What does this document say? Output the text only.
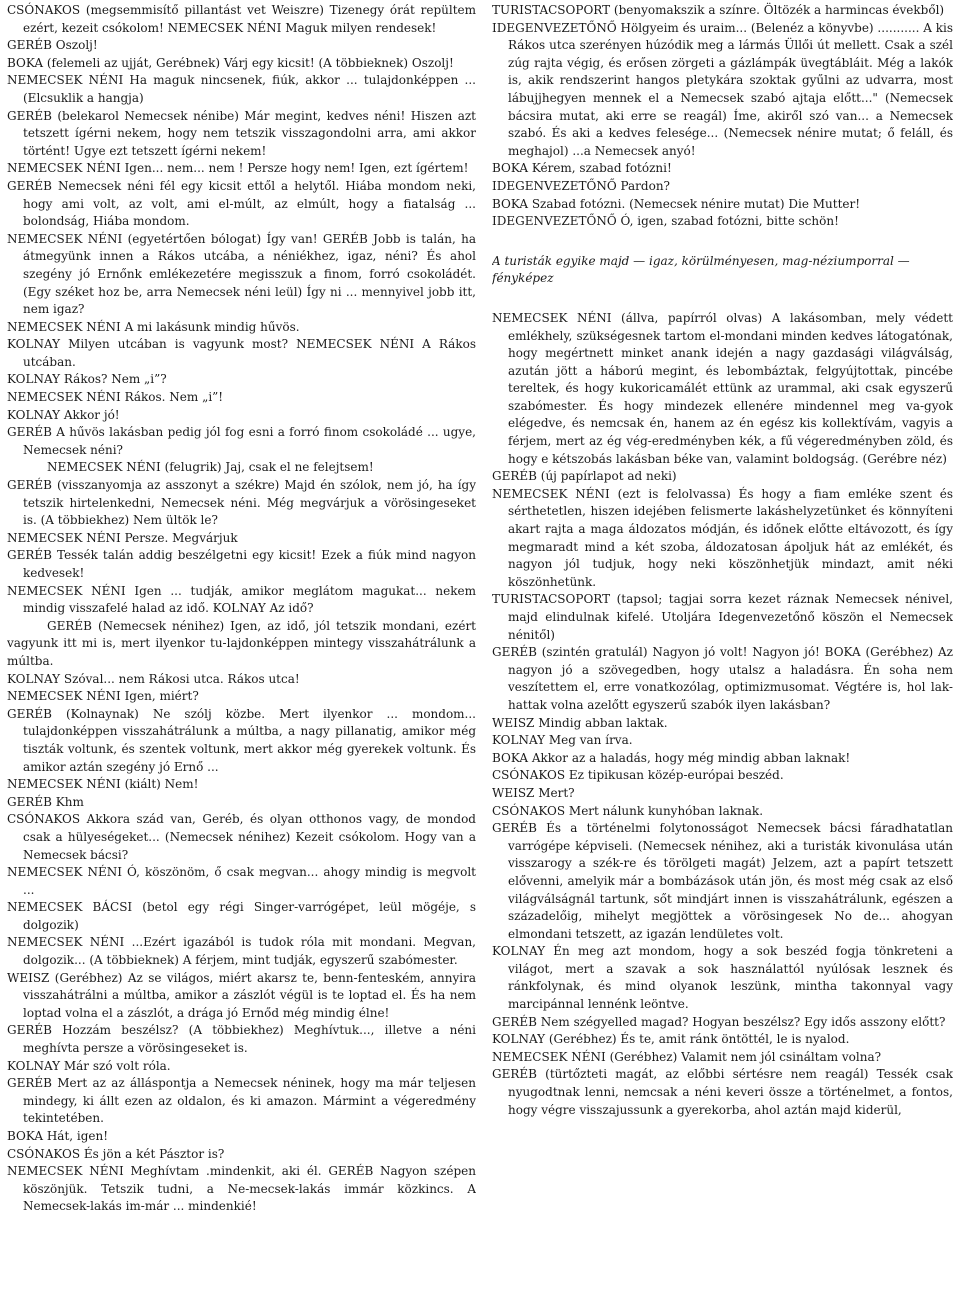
CSÓNAKOS (megsemmisítő pillantást vet Weiszre) Tizenegy órát repültem ezért, kezeit csókolom! NEMECSEK NÉNI Maguk milyen rendesek!

GERÉB Oszolj!

BOKA (felemeli az ujját, Gerébnek) Várj egy kicsit! (A többieknek) Oszolj!

NEMECSEK NÉNI Ha maguk nincsenek, fiúk, akkor ... tulajdonképpen ... (Elcsuklik a hangja)

GERÉB (belekarol Nemecsek nénibe) Már megint, kedves néni! Hiszen azt tetszett ígérni nekem, hogy nem tetszik visszagondolni arra, ami akkor történt! Ugye ezt tetszett ígérni nekem!

NEMECSEK NÉNI Igen... nem... nem ! Persze hogy nem! Igen, ezt ígértem!

GERÉB Nemecsek néni fél egy kicsit ettől a helytől. Hiába mondom neki, hogy ami volt, az volt, ami el-múlt, az elmúlt, hogy a fiatalság ... bolondság, Hiába mondom.

NEMECSEK NÉNI (egyetértően bólogat) Így van! GERÉB Jobb is talán, ha átmegyünk innen a Rákos utcába, a néniékhez, igaz, néni? És ahol szegény jó Ernőnk emlékezetére megisszuk a finom, forró csokoládét. (Egy széket hoz be, arra Nemecsek néni leül) Így ni ... mennyivel jobb itt, nem igaz?

NEMECSEK NÉNI A mi lakásunk mindig hűvös.

KOLNAY Milyen utcában is vagyunk most? NEMECSEK NÉNI A Rákos utcában.

KOLNAY Rákos? Nem „i”?

NEMECSEK NÉNI Rákos. Nem „i”!

KOLNAY Akkor jó!

GERÉB A hűvös lakásban pedig jól fog esni a forró finom csokoládé ... ugye, Nemecsek néni?

NEMECSEK NÉNI (felugrik) Jaj, csak el ne felejtsem!

GERÉB (visszanyomja az asszonyt a székre) Majd én szólok, nem jó, ha így tetszik hirtelenkedni, Nemecsek néni. Még megvárjuk a vörösingeseket is. (A többiekhez) Nem ültök le?

NEMECSEK NÉNI Persze. Megvárjuk

GERÉB Tessék talán addig beszélgetni egy kicsit! Ezek a fiúk mind nagyon kedvesek!

NEMECSEK NÉNI Igen ... tudják, amikor meglátom magukat... nekem mindig visszafelé halad az idő. KOLNAY Az idő?

GERÉB (Nemecsek nénihez) Igen, az idő, jól tetszik mondani, ezért vagyunk itt mi is, mert ilyenkor tu-lajdonképpen mintegy visszahátrálunk a múltba.

KOLNAY Szóval... nem Rákosi utca. Rákos utca!

NEMECSEK NÉNI Igen, miért?

GERÉB (Kolnaynak) Ne szólj közbe. Mert ilyenkor ... mondom... tulajdonképpen visszahátrálunk a múltba, a nagy pillanatig, amikor még tiszták voltunk, és szentek voltunk, mert akkor még gyerekek voltunk. És amikor aztán szegény jó Ernő ...

NEMECSEK NÉNI (kiált) Nem!

GERÉB Khm

CSÓNAKOS Akkora szád van, Geréb, és olyan otthonos vagy, de mondod csak a hülyeségeket... (Nemecsek nénihez) Kezeit csókolom. Hogy van a Nemecsek bácsi?

NEMECSEK NÉNI Ó, köszönöm, ő csak megvan... ahogy mindig is megvolt ...

NEMECSEK BÁCSI (betol egy régi Singer-varrógépet, leül mögéje, s dolgozik)

NEMECSEK NÉNI ...Ezért igazából is tudok róla mit mondani. Megvan, dolgozik... (A többieknek) A férjem, mint tudják, egyszerű szabómester.

WEISZ (Gerébhez) Az se világos, miért akarsz te, benn-fenteském, annyira visszahátrálni a múltba, amikor a zászlót végül is te loptad el. És ha nem loptad volna el a zászlót, a drága jó Ernőd még mindig élne!

GERÉB Hozzám beszélsz? (A többiekhez) Meghívtuk..., illetve a néni meghívta persze a vörösingeseket is.

KOLNAY Már szó volt róla.

GERÉB Mert az az álláspontja a Nemecsek néninek, hogy ma már teljesen mindegy, ki állt ezen az oldalon, és ki amazon. Mármint a végeredmény tekintetében.

BOKA Hát, igen!

CSÓNAKOS És jön a két Pásztor is?

NEMECSEK NÉNI Meghívtam .mindenkit, aki él. GERÉB Nagyon szépen köszönjük. Tetszik tudni, a Ne-mecsek-lakás immár közkincs. A Nemecsek-lakás im-már ... mindenkié!

TURISTACSOPORT (benyomakszik a színre. Öltözék a harmincas évekből)

IDEGENVEZETŐNŐ Hölgyeim és uraim... (Belenéz a könyvbe) ........... A kis Rákos utca szerényen húzódik meg a lármás Üllői út mellett. Csak a szél zúg rajta végig, és erősen zörgeti a gázlámpák üvegtábláit. Még a lakók is, akik rendszerint hangos pletykára szoktak gyűlni az udvarra, most lábujjhegyen mennek el a Nemecsek szabó ajtaja előtt..." (Nemecsek bácsira mutat, aki erre se reagál) Íme, akiről szó van... a Nemecsek szabó. És aki a kedves felesége... (Nemecsek nénire mutat; ő feláll, és meghajol) ...a Nemecsek anyó!

BOKA Kérem, szabad fotózni!

IDEGENVEZETŐNŐ Pardon?

BOKA Szabad fotózni. (Nemecsek nénire mutat) Die Mutter!

IDEGENVEZETŐNŐ Ó, igen, szabad fotózni, bitte schön!

A turisták egyike majd — igaz, körülményesen, mag-néziumporral — fényképez

NEMECSEK NÉNI (állva, papírról olvas) A lakásomban, mely védett emlékhely, szükségesnek tartom el-mondani minden kedves látogatónak, hogy megértnett minket anank idején a nagy gazdasági világválság, azután jött a háború megint, és lebombáztak, felgyújtottak, pincébe tereltek, és hogy kukoricamálét ettünk az urammal, aki csak egyszerű szabómester. És hogy mindezek ellenére mindennel meg va-gyok elégedve, és nemcsak én, hanem az én egész kis kollektívám, vagyis a férjem, mert az ég vég-eredményben kék, a fű végeredményben zöld, és hogy e kétszobás lakásban béke van, valamint boldogság. (Gerébre néz)

GERÉB (új papírlapot ad neki)

NEMECSEK NÉNI (ezt is felolvassa) És hogy a fiam emléke szent és sérthetetlen, hiszen idejében felismerte lakáshelyzetünket és könnyíteni akart rajta a maga áldozatos módján, és időnek előtte eltávozott, és így megmaradt mind a két szoba, áldozatosan ápoljuk hát az emlékét, és nagyon jól tudjuk, hogy neki köszönhetjük mindazt, amit néki köszönhetünk.

TURISTACSOPORT (tapsol; tagjai sorra kezet ráznak Nemecsek nénivel, majd elindulnak kifelé. Utoljára Idegenvezetőnő köszön el Nemecsek nénitől)

GERÉB (szintén gratulál) Nagyon jó volt! Nagyon jó! BOKA (Gerébhez) Az nagyon jó a szövegedben, hogy utalsz a haladásra. Én soha nem veszítettem el, erre vonatkozólag, optimizmusomat. Végtére is, hol lak-hattak volna azelőtt egyszerű szabók ilyen lakásban?

WEISZ Mindig abban laktak.

KOLNAY Meg van írva.

BOKA Akkor az a haladás, hogy még mindig abban laknak!

CSÓNAKOS Ez tipikusan közép-európai beszéd.

WEISZ Mert?

CSÓNAKOS Mert nálunk kunyhóban laknak.

GERÉB És a történelmi folytonosságot Nemecsek bácsi fáradhatatlan varrógépe képviseli. (Nemecsek nénihez, aki a turisták kivonulása után visszarogy a szék-re és törölgeti magát) Jelzem, azt a papírt tetszett elővenni, amelyik már a bombázások után jön, és most még csak az első világválságnál tartunk, sőt mindjárt innen is visszahátrálunk, egészen a századelőig, mihelyt megjöttek a vörösingesek No de... ahogyan elmondani tetszett, az igazán lendületes volt.

KOLNAY Én meg azt mondom, hogy a sok beszéd fogja tönkreteni a világot, mert a szavak a sok használattól nyúlósak lesznek és ránkfolynak, és mind olyanok leszünk, mintha takonnyal vagy marcipánnal lennénk leöntve.

GERÉB Nem szégyelled magad? Hogyan beszélsz? Egy idős asszony előtt?

KOLNAY (Gerébhez) És te, amit ránk öntöttél, le is nyalod.

NEMECSEK NÉNI (Gerébhez) Valamit nem jól csináltam volna?

GERÉB (türtőzteti magát, az előbbi sértésre nem reagál) Tessék csak nyugodtnak lenni, nemcsak a néni keveri össze a történelmet, a fontos, hogy végre visszajussunk a gyerekorba, ahol aztán majd kiderül,
